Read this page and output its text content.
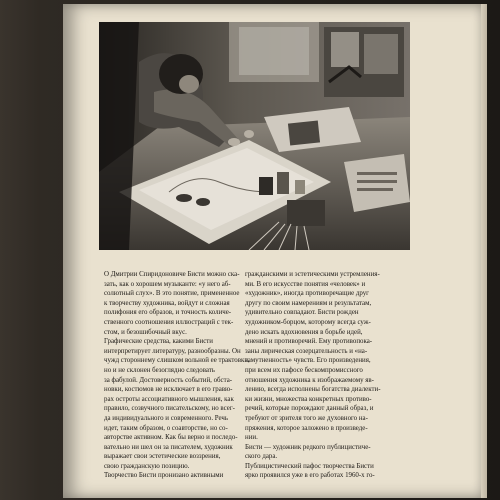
О Дмитрии Спиридоновиче Бисти можно ска-
зать, как о хорошем музыканте: «у него аб-
солютный слух». В это понятие, примененное
к творчеству художника, войдут и сложная
полифония его образов, и точность количе-
ственного соотношения иллюстраций с тек-
стом, и безошибочный вкус.
Графические средства, какими Бисти
интерпретирует литературу, разнообразны. Он
чужд стороннему слишком вольной ее трактовки,
но и не склонен безоглядно следовать
за фабулой. Достоверность событий, обста-
новки, костюмов не исключает в его гравю-
рах остроты ассоциативного мышления, как
правило, созвучного писательскому, но всег-
да индивидуального и современного. Речь
идет, таким образом, о соавторстве, но со-
авторстве активном. Как бы верно и последо-
вательно ни шел он за писателем, художник
выражает свои эстетические воззрения,
свою гражданскую позицию.
Творчество Бисти пронизано активными

гражданскими и эстетическими устремления-
ми. В его искусстве понятия «человек» и
«художник», иногда противоречащие друг
другу по своим намерениям и результатам,
удивительно совпадают. Бисти рожден
художником-борцом, которому всегда суж-
дено искать вдохновения в борьбе идей,
мнений и противоречий. Ему противопока-
заны лирическая созерцательность и «на-
замутненность» чувств. Его произведения,
при всем их пафосе бескомпромиссного
отношения художника к изображаемому яв-
лению, всегда исполнены богатства диалекти-
ки жизни, множества конкретных противо-
речий, которые порождают данный образ, и
требуют от зрителя того же духовного на-
пряжения, которое заложено в произведе-
нии.
Бисти — художник редкого публицистиче-
ского дара.
Публицистический пафос творчества Бисти
ярко проявился уже в его работах 1960-х го-
